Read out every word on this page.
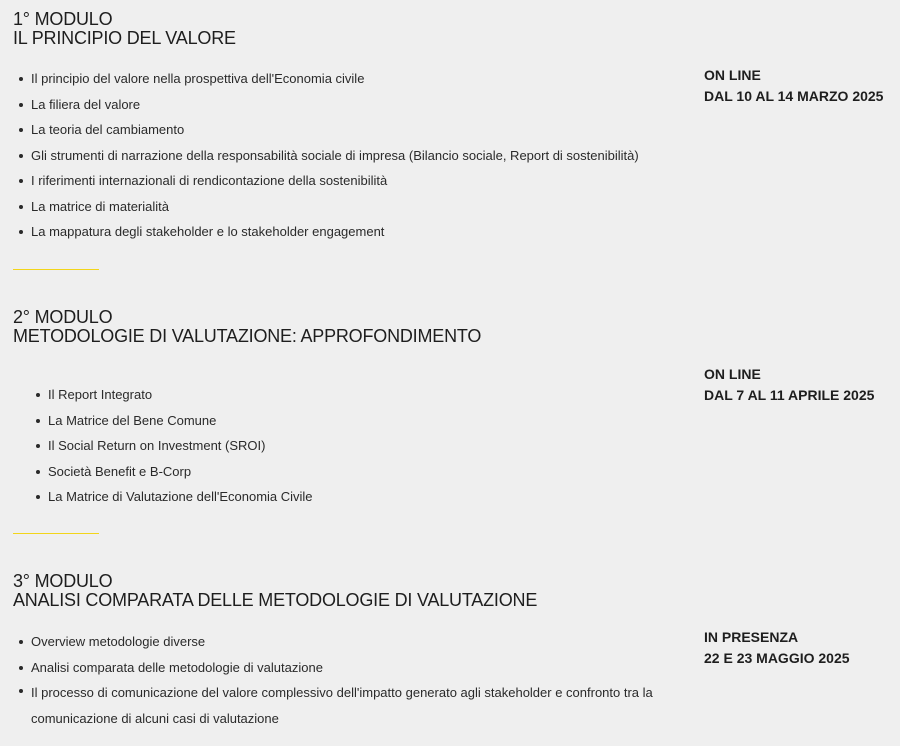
1° MODULO
IL PRINCIPIO DEL VALORE
Il principio del valore nella prospettiva dell'Economia civile
La filiera del valore
La teoria del cambiamento
Gli strumenti di narrazione della responsabilità sociale di impresa (Bilancio sociale, Report di sostenibilità)
I riferimenti internazionali di rendicontazione della sostenibilità
La matrice di materialità
La mappatura degli stakeholder e lo stakeholder engagement
ON LINE
DAL 10 AL 14 MARZO 2025
2° MODULO
METODOLOGIE DI VALUTAZIONE: APPROFONDIMENTO
Il Report Integrato
La Matrice del Bene Comune
Il Social Return on Investment (SROI)
Società Benefit e B-Corp
La Matrice di Valutazione dell'Economia Civile
ON LINE
DAL 7 AL 11 APRILE 2025
3° MODULO
ANALISI COMPARATA DELLE METODOLOGIE DI VALUTAZIONE
Overview metodologie diverse
Analisi comparata delle metodologie di valutazione
Il processo di comunicazione del valore complessivo dell'impatto generato agli stakeholder e confronto tra la comunicazione di alcuni casi di valutazione
IN PRESENZA
22 E 23 MAGGIO 2025
